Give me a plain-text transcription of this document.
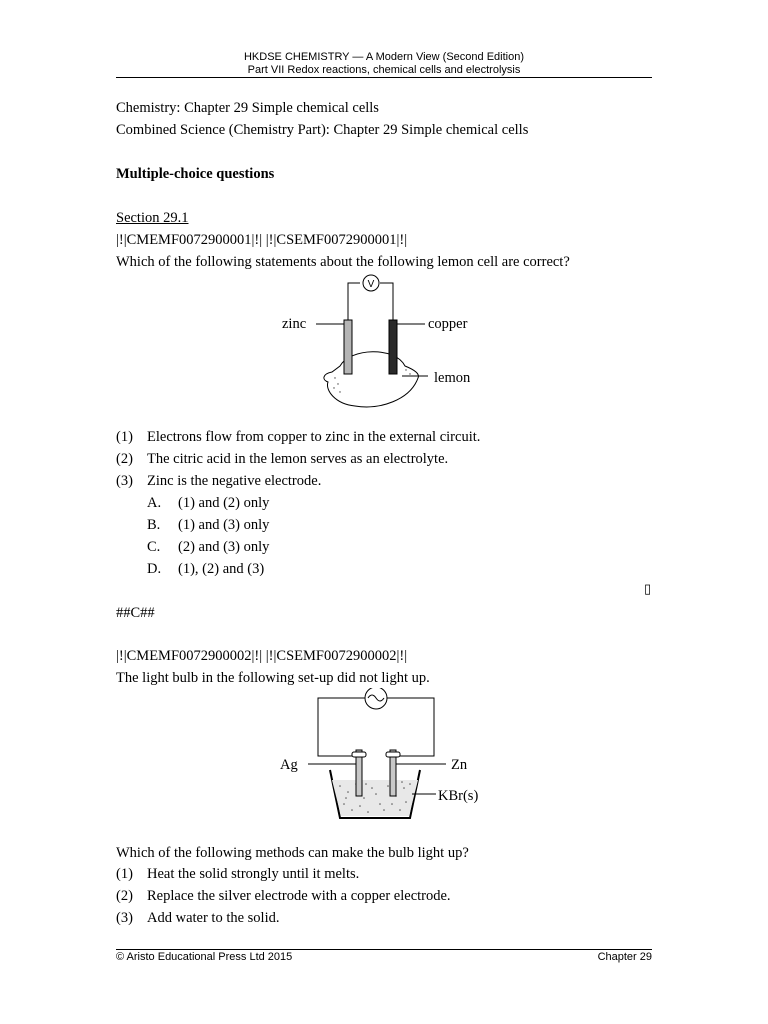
HKDSE CHEMISTRY — A Modern View (Second Edition)
Part VII Redox reactions, chemical cells and electrolysis
Chemistry: Chapter 29 Simple chemical cells
Combined Science (Chemistry Part): Chapter 29 Simple chemical cells
Multiple-choice questions
Section 29.1
|!|CMEMF0072900001|!| |!|CSEMF0072900001|!|
Which of the following statements about the following lemon cell are correct?
V
zinc	copper
lemon
(1) Electrons flow from copper to zinc in the external circuit.
(2) The citric acid in the lemon serves as an electrolyte.
(3) Zinc is the negative electrode.
A. (1) and (2) only
B. (1) and (3) only
C. (2) and (3) only
D. (1), (2) and (3)
▯
##C##
|!|CMEMF0072900002|!| |!|CSEMF0072900002|!|
The light bulb in the following set-up did not light up.
Ag	Zn
KBr(s)
Which of the following methods can make the bulb light up?
(1) Heat the solid strongly until it melts.
(2) Replace the silver electrode with a copper electrode.
(3) Add water to the solid.
© Aristo Educational Press Ltd 2015	Chapter 29
